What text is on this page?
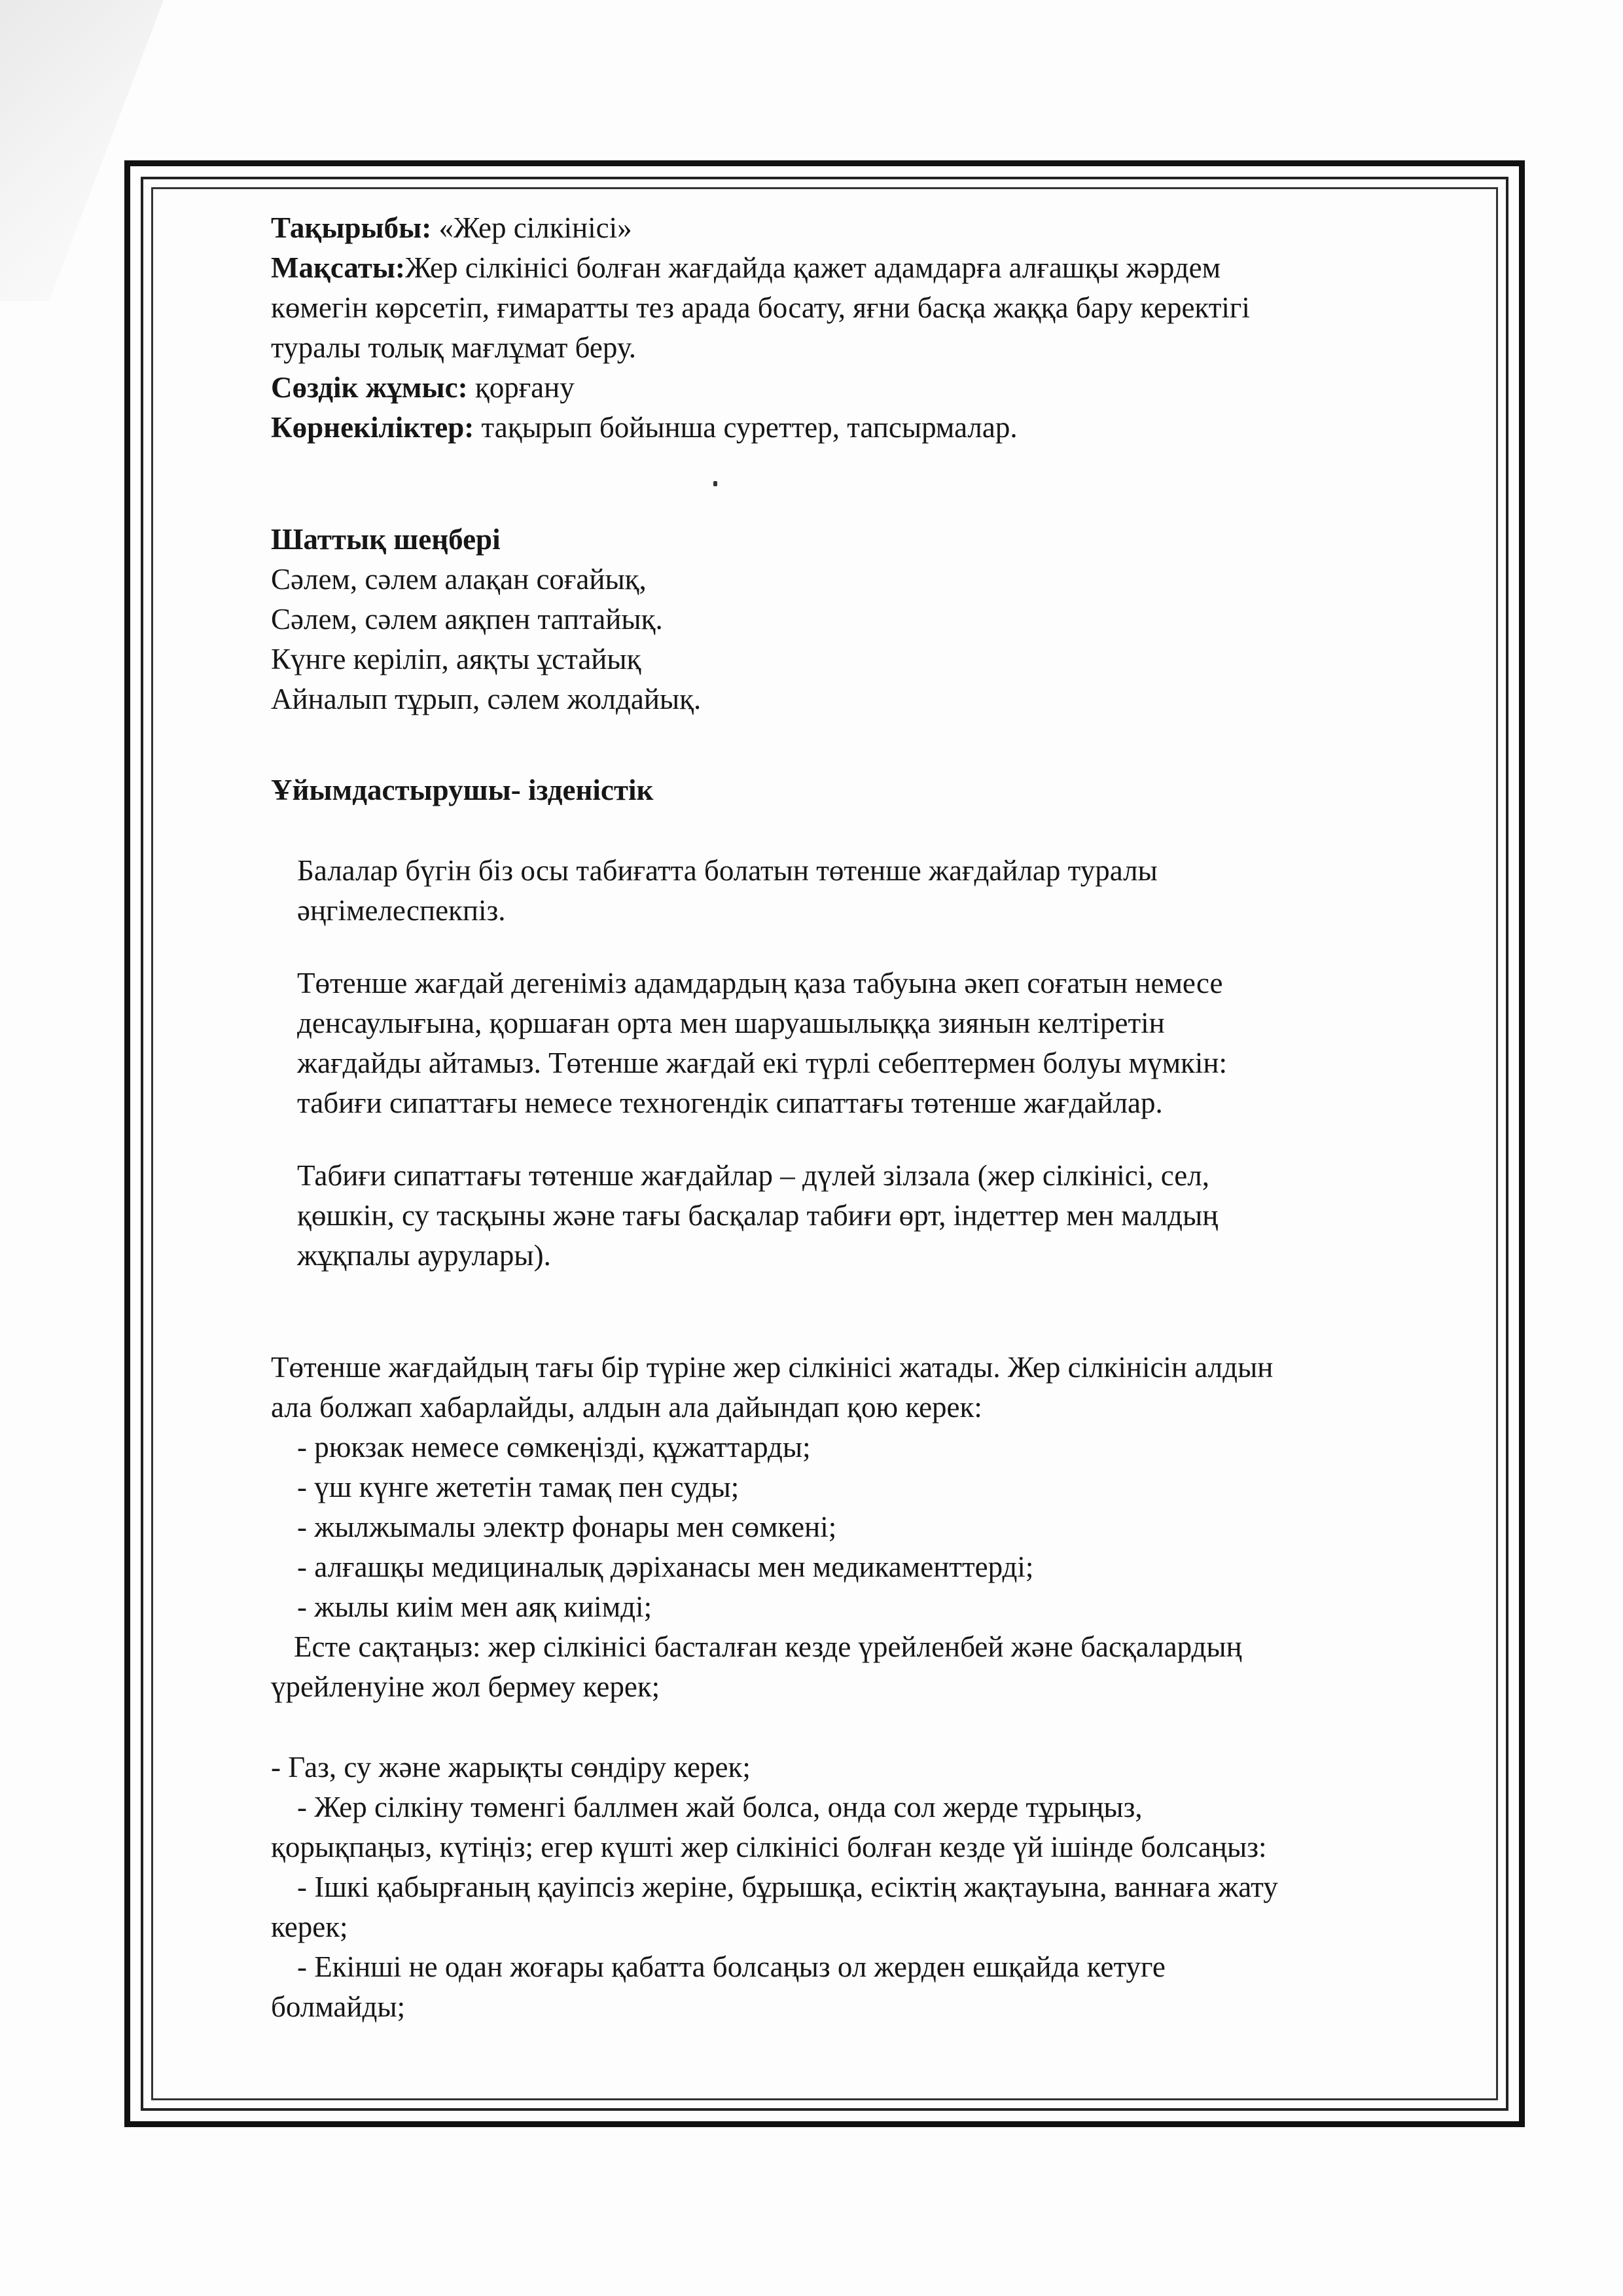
Тақырыбы: «Жер сілкінісі»

Мақсаты:Жер сілкінісі болған жағдайда қажет адамдарға алғашқы жәрдем

көмегін көрсетіп, ғимаратты тез арада босату, яғни басқа жаққа бару керектігі

туралы толық мағлұмат беру.

Сөздік жұмыс: қорғану

Көрнекіліктер: тақырып бойынша суреттер, тапсырмалар.

Шаттық шеңбері

Сәлем, сәлем алақан соғайық,

Сәлем, сәлем аяқпен таптайық.

Күнге керіліп, аяқты ұстайық

Айналып тұрып, сәлем жолдайық.

Ұйымдастырушы- ізденістік

Балалар бүгін біз осы табиғатта болатын төтенше жағдайлар туралы

әңгімелеспекпіз.

Төтенше жағдай дегеніміз адамдардың қаза табуына әкеп соғатын немесе

денсаулығына, қоршаған орта мен шаруашылыққа зиянын келтіретін

жағдайды айтамыз. Төтенше жағдай екі түрлі себептермен болуы мүмкін:

табиғи сипаттағы немесе техногендік сипаттағы төтенше жағдайлар.

Табиғи сипаттағы төтенше жағдайлар – дүлей зілзала (жер сілкінісі, сел,

қөшкін, су тасқыны және тағы басқалар табиғи өрт, індеттер мен малдың

жұқпалы аурулары).

Төтенше жағдайдың тағы бір түріне жер сілкінісі жатады. Жер сілкінісін алдын

ала болжап хабарлайды, алдын ала дайындап қою керек:

- рюкзак немесе сөмкеңізді, құжаттарды;

- үш күнге жететін тамақ пен суды;

- жылжымалы электр фонары мен сөмкені;

- алғашқы медициналық дәріханасы мен медикаменттерді;

- жылы киім мен аяқ киімді;

Есте сақтаңыз: жер сілкінісі басталған кезде үрейленбей және басқалардың

үрейленуіне жол бермеу керек;

- Газ, су және жарықты сөндіру керек;

- Жер сілкіну төменгі баллмен жай болса, онда сол жерде тұрыңыз,

қорықпаңыз, күтіңіз; егер күшті жер сілкінісі болған кезде үй ішінде болсаңыз:

- Ішкі қабырғаның қауіпсіз жеріне, бұрышқа, есіктің жақтауына, ваннаға жату

керек;

- Екінші не одан жоғары қабатта болсаңыз ол жерден ешқайда кетуге

болмайды;
